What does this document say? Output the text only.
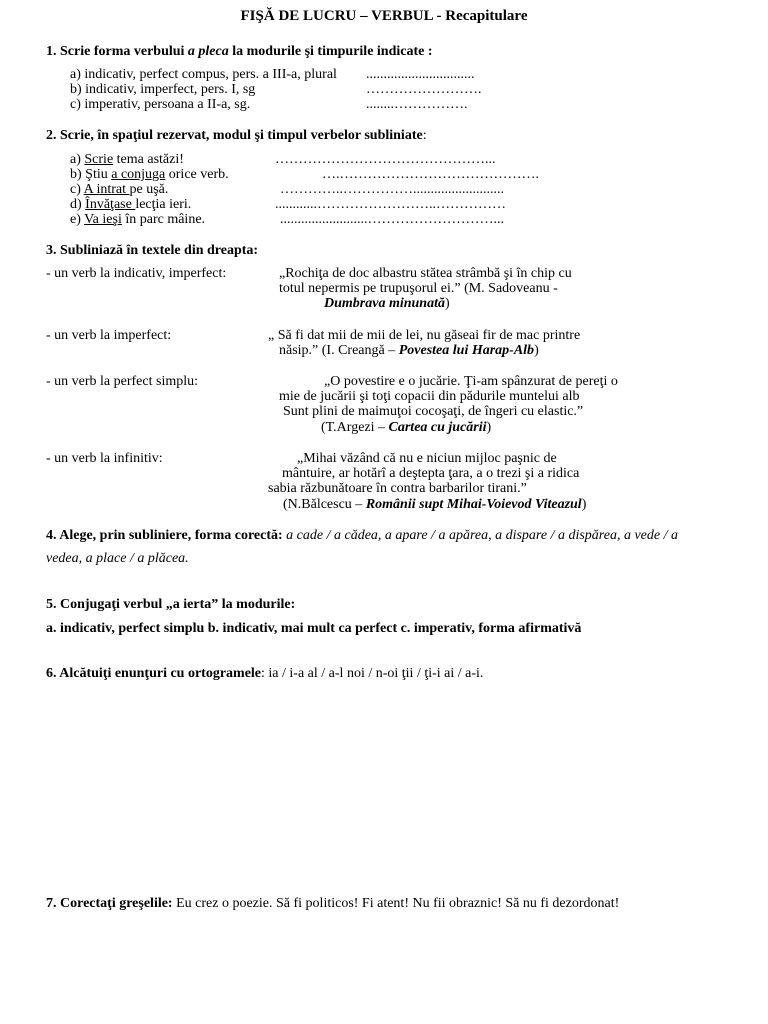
FIŞĂ DE LUCRU – VERBUL - Recapitulare
1. Scrie forma verbului a pleca la modurile şi timpurile indicate :
a) indicativ, perfect compus, pers. a III-a, plural ...............................
b) indicativ, imperfect, pers. I, sg	…………………….
c) imperativ, persoana a II-a, sg.	........…………….
2. Scrie, în spaţiul rezervat, modul şi timpul verbelor subliniate:
a) Scrie tema astăzi!	………………………………………...
b) Ştiu a conjuga orice verb.	….…………………………………….
c) A intrat pe uşă.	…………..……………..........................
d) Învăţase lecţia ieri.	............……………………..……………
e) Va ieşi în parc mâine.	.........................………………………...
3. Subliniază în textele din dreapta:
- un verb la indicativ, imperfect:	„Rochiţa de doc albastru stătea strâmbă şi în chip cu
totul nepermis pe trupuşorul ei.” (M. Sadoveanu -
Dumbrava minunată)
- un verb la imperfect:	„ Să fi dat mii de mii de lei, nu găseai fir de mac printre
năsip.” (I. Creangă – Povestea lui Harap-Alb)
- un verb la perfect simplu:	„O povestire e o jucărie. Ţi-am spânzurat de pereţi o
mie de jucării şi toţi copacii din pădurile muntelui alb
Sunt plini de maimuţoi cocoşaţi, de îngeri cu elastic.”
(T.Argezi – Cartea cu jucării)
- un verb la infinitiv:	„Mihai văzând că nu e niciun mijloc paşnic de
mântuire, ar hotărî a deştepta ţara, a o trezi şi a ridica
sabia răzbunătoare în contra barbarilor tirani.”
(N.Bălcescu – Românii supt Mihai-Voievod Viteazul)
4. Alege, prin subliniere, forma corectă: a cade / a cădea, a apare / a apărea, a dispare / a dispărea, a vede / a
vedea, a place / a plăcea.
5. Conjugaţi verbul „a ierta” la modurile:
a. indicativ, perfect simplu b. indicativ, mai mult ca perfect c. imperativ, forma afirmativă
6. Alcătuiţi enunţuri cu ortogramele: ia / i-a al / a-l noi / n-oi ţii / ţi-i ai / a-i.
7. Corectaţi greşelile: Eu crez o poezie. Să fi politicos! Fi atent! Nu fii obraznic! Să nu fi dezordonat!
